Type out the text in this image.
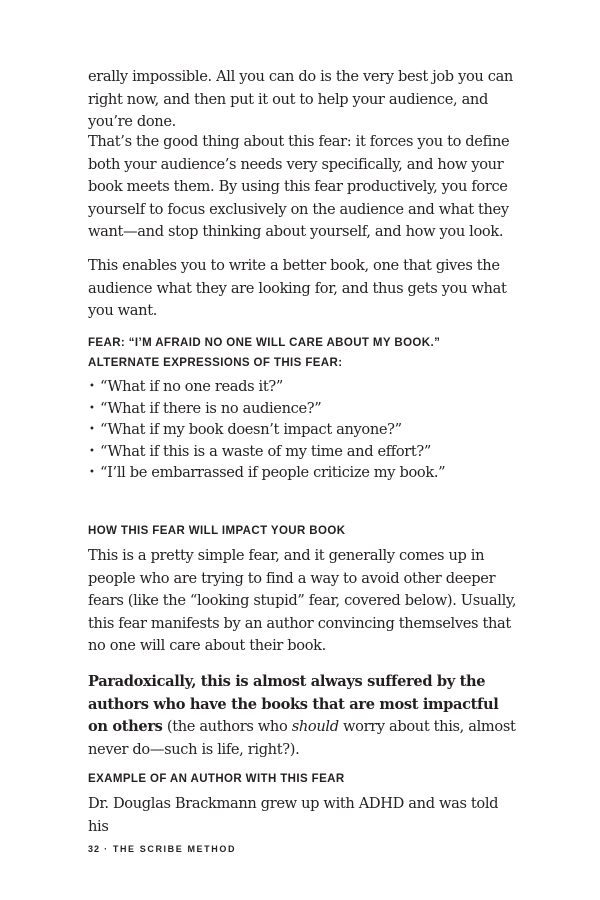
erally impossible. All you can do is the very best job you can right now, and then put it out to help your audience, and you’re done.

That’s the good thing about this fear: it forces you to define both your audience’s needs very specifically, and how your book meets them. By using this fear productively, you force yourself to focus exclusively on the audience and what they want—and stop thinking about yourself, and how you look.

This enables you to write a better book, one that gives the audience what they are looking for, and thus gets you what you want.

FEAR: “I’M AFRAID NO ONE WILL CARE ABOUT MY BOOK.”
ALTERNATE EXPRESSIONS OF THIS FEAR:
• “What if no one reads it?”
• “What if there is no audience?”
• “What if my book doesn’t impact anyone?”
• “What if this is a waste of my time and effort?”
• “I’ll be embarrassed if people criticize my book.”
HOW THIS FEAR WILL IMPACT YOUR BOOK

This is a pretty simple fear, and it generally comes up in people who are trying to find a way to avoid other deeper fears (like the “looking stupid” fear, covered below). Usually, this fear manifests by an author convincing themselves that no one will care about their book.

Paradoxically, this is almost always suffered by the authors who have the books that are most impactful on others (the authors who should worry about this, almost never do—such is life, right?).

EXAMPLE OF AN AUTHOR WITH THIS FEAR

Dr. Douglas Brackmann grew up with ADHD and was told his

32 · THE SCRIBE METHOD
